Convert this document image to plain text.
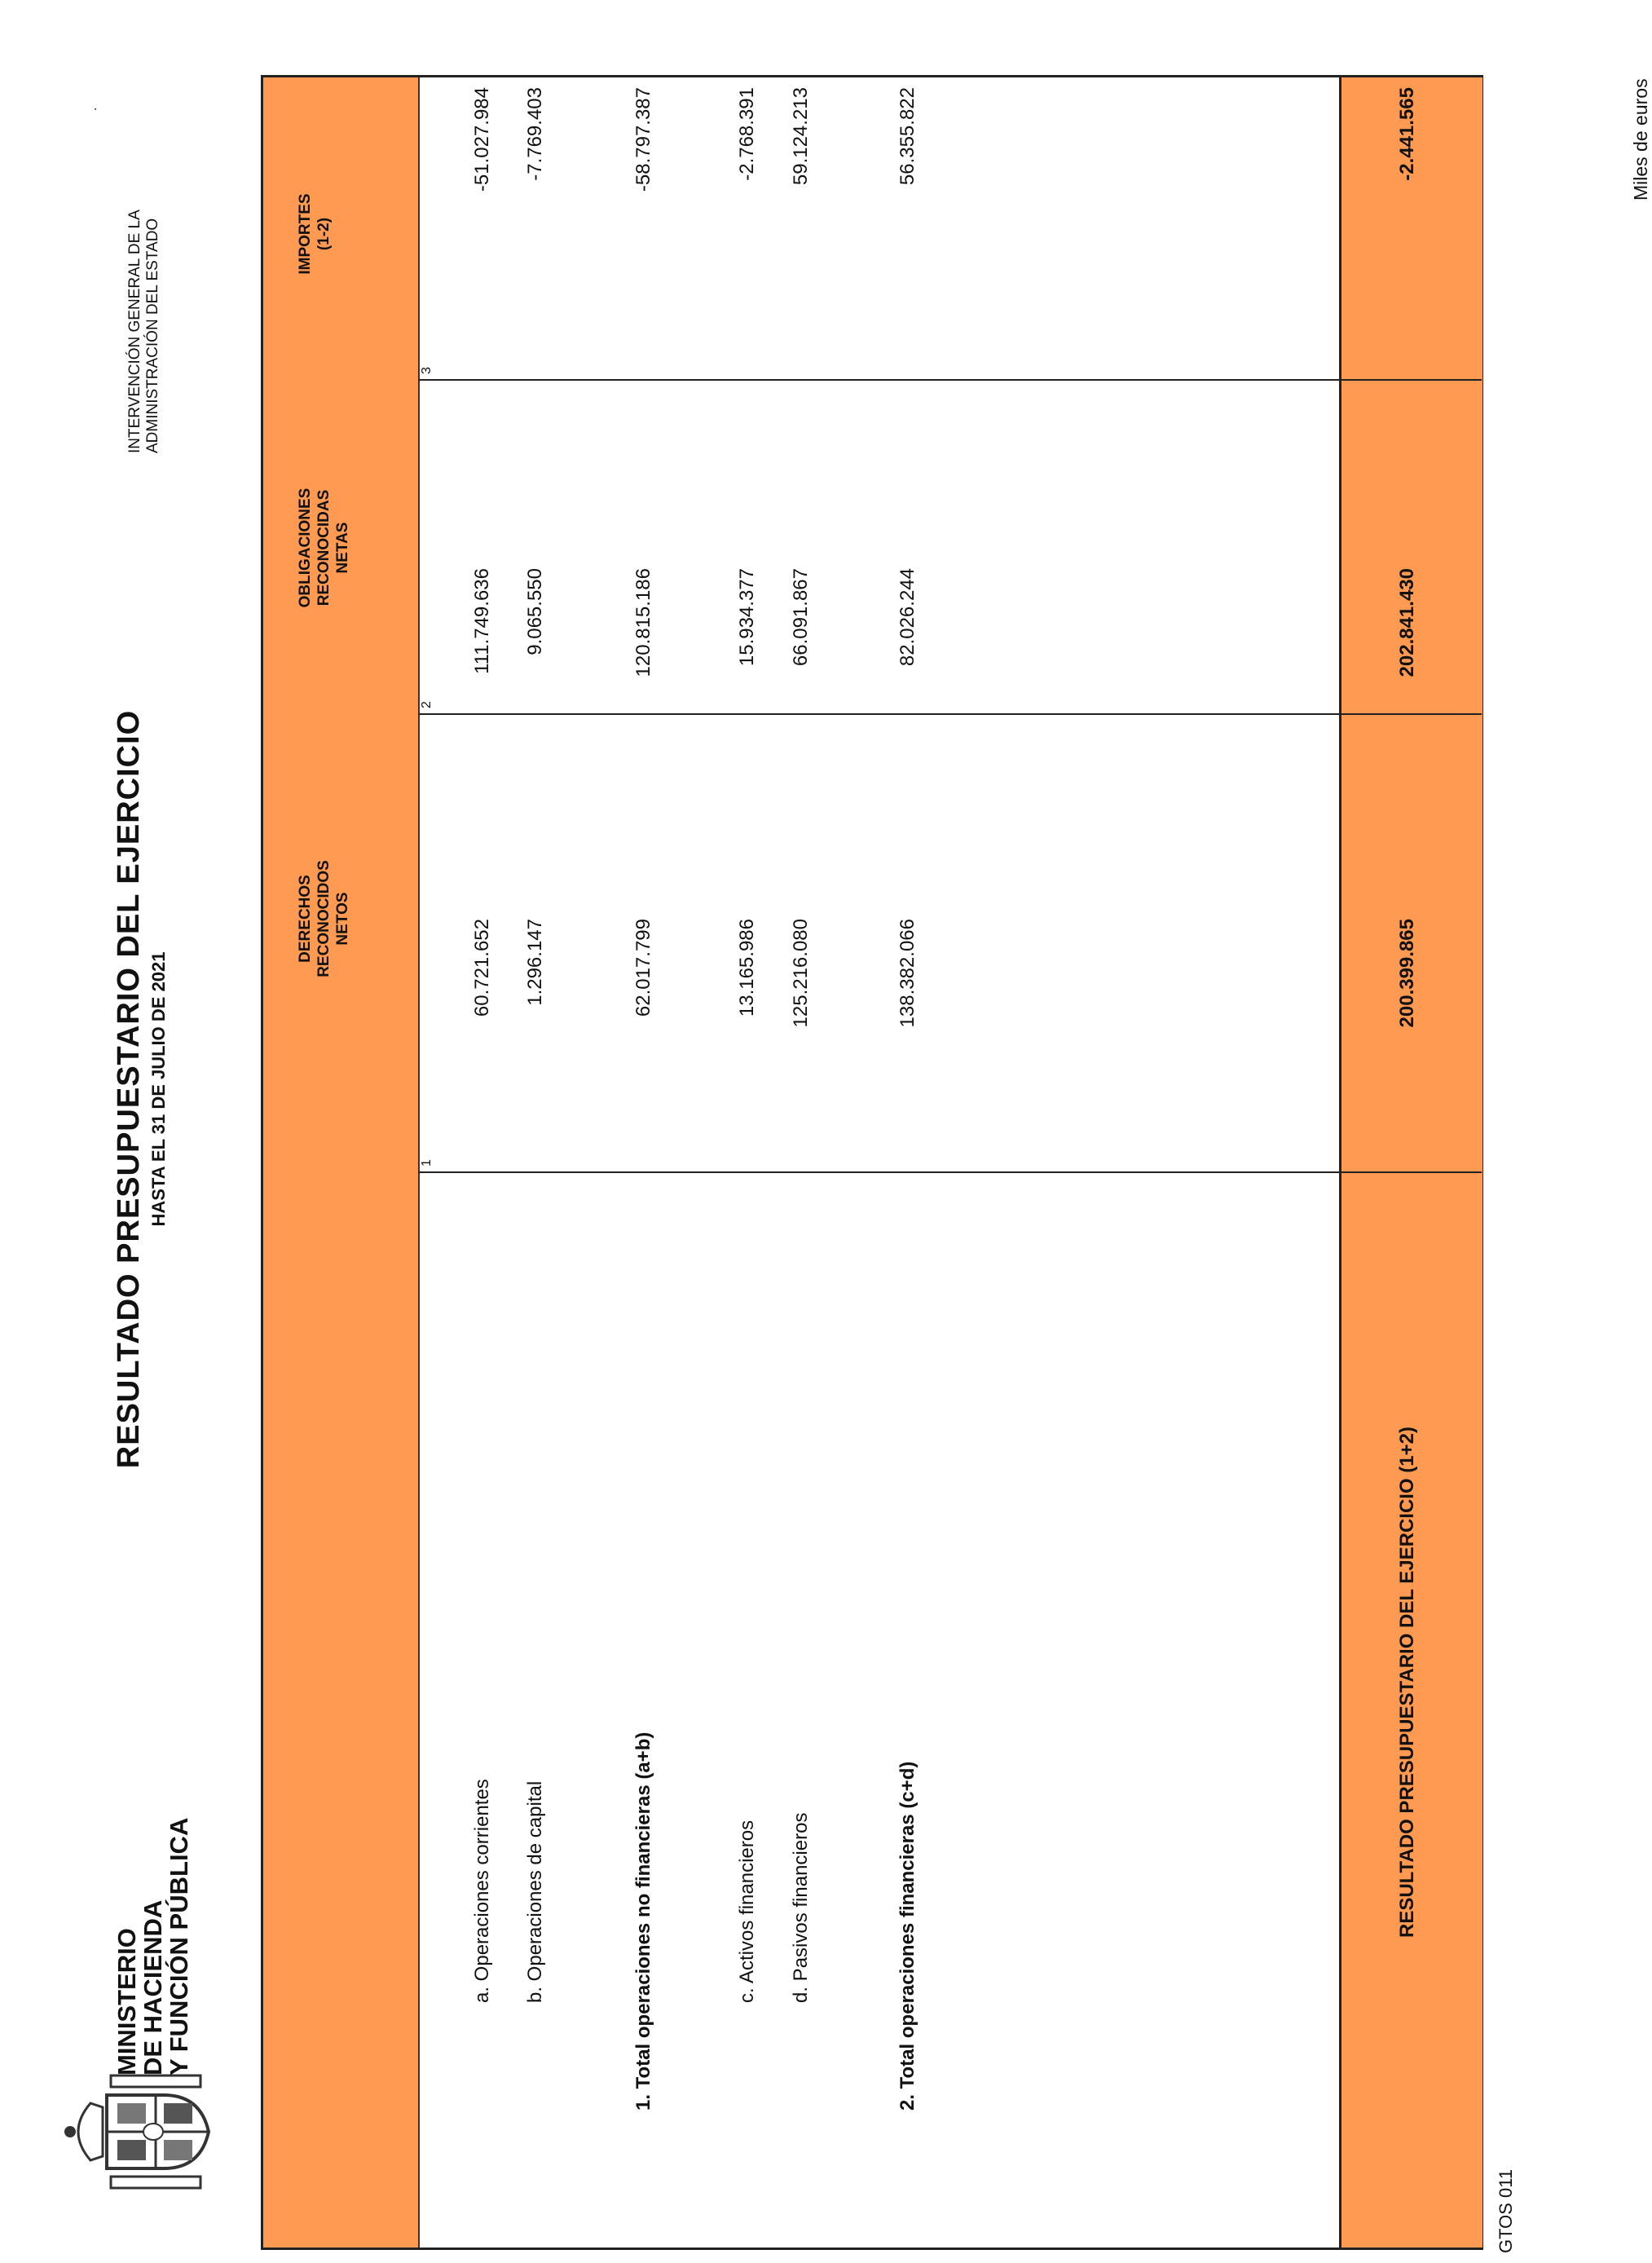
MINISTERIO
DE HACIENDA
Y FUNCIÓN PÚBLICA
RESULTADO PRESUPUESTARIO DEL EJERCICIO HASTA EL 31 DE JULIO DE 2021
INTERVENCIÓN GENERAL DE LA ADMINISTRACIÓN DEL ESTADO
.
DERECHOS RECONOCIDOS NETOS
OBLIGACIONES RECONOCIDAS NETAS
IMPORTES (1-2)
1
2
3
a. Operaciones corrientes
60.721.652
111.749.636
-51.027.984
b. Operaciones de capital
1.296.147
9.065.550
-7.769.403
1. Total operaciones no financieras (a+b)
62.017.799
120.815.186
-58.797.387
c. Activos financieros
13.165.986
15.934.377
-2.768.391
d. Pasivos financieros
125.216.080
66.091.867
59.124.213
2. Total operaciones financieras (c+d)
138.382.066
82.026.244
56.355.822
RESULTADO PRESUPUESTARIO DEL EJERCICIO (1+2)
200.399.865
202.841.430
-2.441.565	Miles de euros
GTOS 011
